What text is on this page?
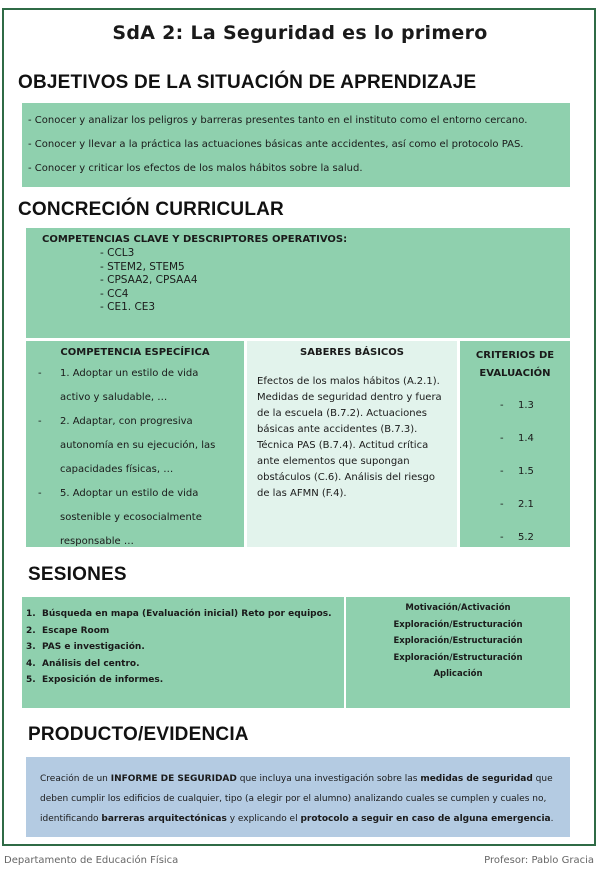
SdA 2: La Seguridad es lo primero
OBJETIVOS DE LA SITUACIÓN DE APRENDIZAJE

- Conocer y analizar los peligros y barreras presentes tanto en el instituto como el entorno cercano.

- Conocer y llevar a la práctica las actuaciones básicas ante accidentes, así como el protocolo PAS.

- Conocer y criticar los efectos de los malos hábitos sobre la salud.

CONCRECIÓN CURRICULAR
COMPETENCIAS CLAVE Y DESCRIPTORES OPERATIVOS:
- CCL3
- STEM2, STEM5
- CPSAA2, CPSAA4
- CC4
- CE1. CE3
COMPETENCIA ESPECÍFICA
- 1. Adoptar un estilo de vida
activo y saludable, …
- 2. Adaptar, con progresiva
autonomía en su ejecución, las
capacidades físicas, …
- 5. Adoptar un estilo de vida
sostenible y ecosocialmente
responsable …
SABERES BÁSICOS
Efectos de los malos hábitos (A.2.1). Medidas de seguridad dentro y fuera de la escuela (B.7.2). Actuaciones básicas ante accidentes (B.7.3). Técnica PAS (B.7.4). Actitud crítica ante elementos que supongan obstáculos (C.6). Análisis del riesgo de las AFMN (F.4).
CRITERIOS DE
EVALUACIÓN
- 1.3
- 1.4
- 1.5
- 2.1
- 5.2
SESIONES
1. Búsqueda en mapa (Evaluación inicial) Reto por equipos.
2. Escape Room
3. PAS e investigación.
4. Análisis del centro.
5. Exposición de informes.
Motivación/Activación
Exploración/Estructuración
Exploración/Estructuración
Exploración/Estructuración
Aplicación
PRODUCTO/EVIDENCIA
Creación de un INFORME DE SEGURIDAD que incluya una investigación sobre las medidas de seguridad que deben cumplir los edificios de cualquier, tipo (a elegir por el alumno) analizando cuales se cumplen y cuales no, identificando barreras arquitectónicas y explicando el protocolo a seguir en caso de alguna emergencia.
Departamento de Educación Física	Profesor: Pablo Gracia
